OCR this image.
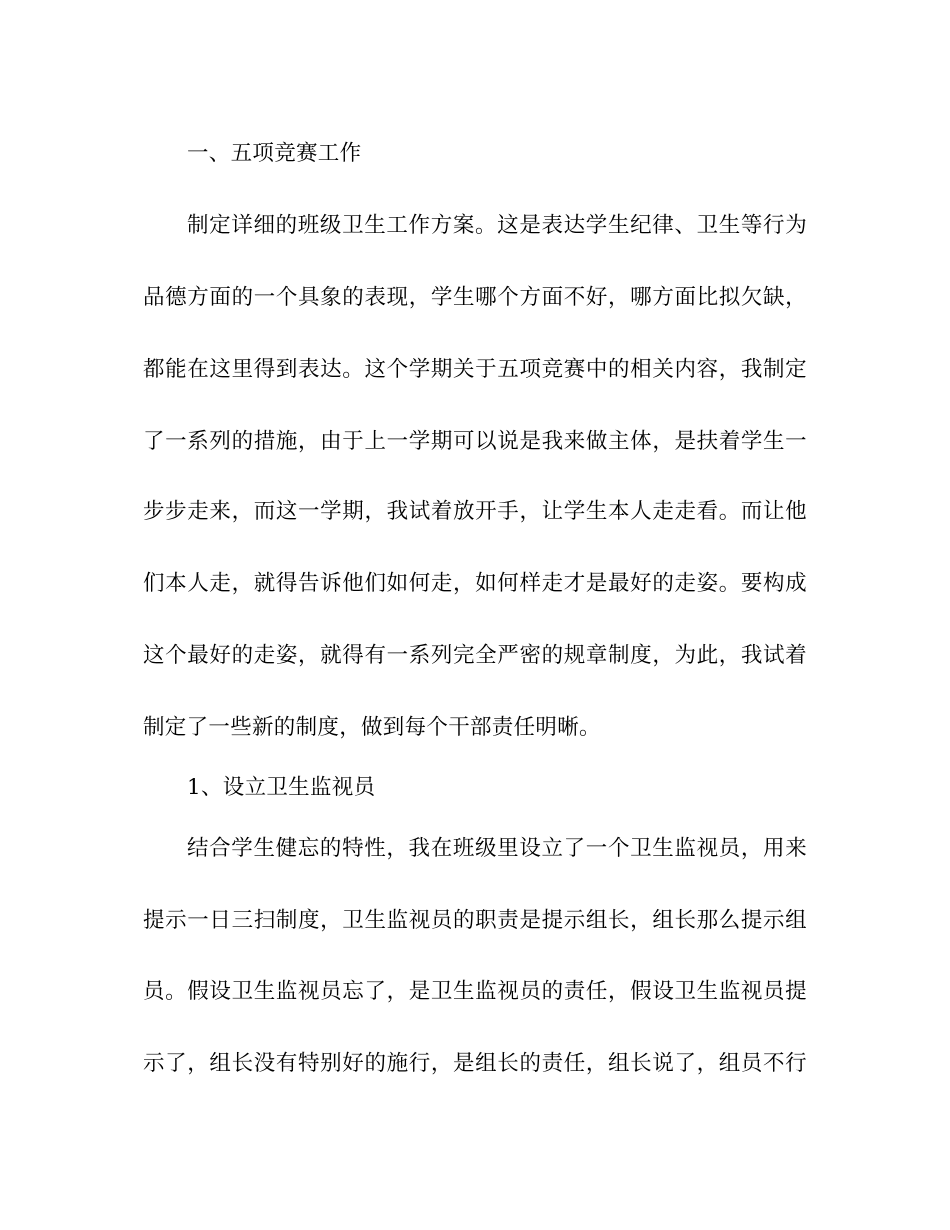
一、五项竞赛工作
制定详细的班级卫生工作方案。这是表达学生纪律、卫生等行为
品德方面的一个具象的表现，学生哪个方面不好，哪方面比拟欠缺，
都能在这里得到表达。这个学期关于五项竞赛中的相关内容，我制定
了一系列的措施，由于上一学期可以说是我来做主体，是扶着学生一
步步走来，而这一学期，我试着放开手，让学生本人走走看。而让他
们本人走，就得告诉他们如何走，如何样走才是最好的走姿。要构成
这个最好的走姿，就得有一系列完全严密的规章制度，为此，我试着
制定了一些新的制度，做到每个干部责任明晰。
1、设立卫生监视员
结合学生健忘的特性，我在班级里设立了一个卫生监视员，用来
提示一日三扫制度，卫生监视员的职责是提示组长，组长那么提示组
员。假设卫生监视员忘了，是卫生监视员的责任，假设卫生监视员提
示了，组长没有特别好的施行，是组长的责任，组长说了，组员不行
